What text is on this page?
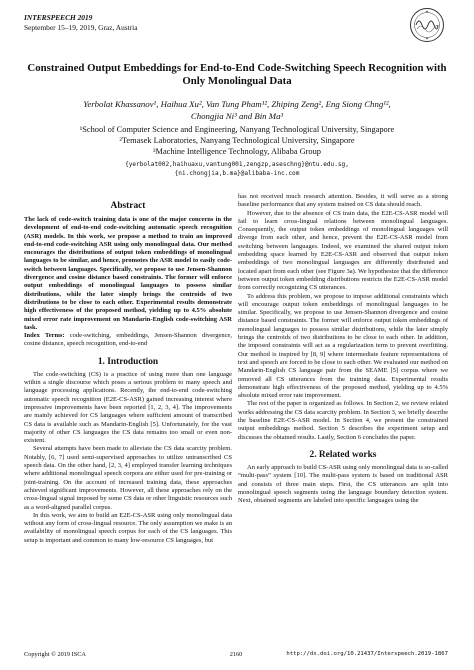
INTERSPEECH 2019
September 15–19, 2019, Graz, Austria
Constrained Output Embeddings for End-to-End Code-Switching Speech Recognition with Only Monolingual Data
Yerbolat Khassanov¹, Haihua Xu², Van Tung Pham¹², Zhiping Zeng², Eng Siong Chng¹²,
Chongjia Ni³ and Bin Ma³
¹School of Computer Science and Engineering, Nanyang Technological University, Singapore
²Temasek Laboratories, Nanyang Technological University, Singapore
³Machine Intelligence Technology, Alibaba Group
{yerbolat002,haihuaxu,vantung001,zengzp,aseschng}@ntu.edu.sg,
{ni.chongjia,b.ma}@alibaba-inc.com
Abstract

The lack of code-switch training data is one of the major concerns in the development of end-to-end code-switching automatic speech recognition (ASR) models. In this work, we propose a method to train an improved end-to-end code-switching ASR using only monolingual data. Our method encourages the distributions of output token embeddings of monolingual languages to be similar, and hence, promotes the ASR model to easily code-switch between languages. Specifically, we propose to use Jensen-Shannon divergence and cosine distance based constraints. The former will enforce output embeddings of monolingual languages to possess similar distributions, while the later simply brings the centroids of two distributions to be close to each other. Experimental results demonstrate high effectiveness of the proposed method, yielding up to 4.5% absolute mixed error rate improvement on Mandarin-English code-switching ASR task.

Index Terms: code-switching, embeddings, Jensen-Shannon divergence, cosine distance, speech recognition, end-to-end

1. Introduction

The code-switching (CS) is a practice of using more than one language within a single discourse which poses a serious problem to many speech and language processing applications. Recently, the end-to-end code-switching automatic speech recognition (E2E-CS-ASR) gained increasing interest where impressive improvements have been reported [1, 2, 3, 4]. The improvements are mainly achieved for CS languages where sufficient amount of transcribed CS data is available such as Mandarin-English [5]. Unfortunately, for the vast majority of other CS languages the CS data remains too small or even non-existent.

Several attempts have been made to alleviate the CS data scarcity problem. Notably, [6, 7] used semi-supervised approaches to utilize untranscribed CS speech data. On the other hand, [2, 3, 4] employed transfer learning techniques where additional monolingual speech corpora are either used for pre-training or joint-training. On the account of increased training data, these approaches achieved significant improvements. However, all these approaches rely on the cross-lingual signal imposed by some CS data or other linguistic resources such as a word-aligned parallel corpus.

In this work, we aim to build an E2E-CS-ASR using only monolingual data without any form of cross-lingual resource. The only assumption we make is an availability of monolingual speech corpus for each of the CS languages. This setup is important and common to many low-resource CS languages, but

has not received much research attention. Besides, it will serve as a strong baseline performance that any system trained on CS data should reach.

However, due to the absence of CS train data, the E2E-CS-ASR model will fail to learn cross-lingual relations between monolingual languages. Consequently, the output token embeddings of monolingual languages will diverge from each other, and hence, prevent the E2E-CS-ASR model from switching between languages. Indeed, we examined the shared output token embedding space learned by E2E-CS-ASR and observed that output token embeddings of two monolingual languages are differently distributed and located apart from each other (see Figure 3a). We hypothesize that the difference between output token embedding distributions restricts the E2E-CS-ASR model from correctly recognizing CS utterances.

To address this problem, we propose to impose additional constraints which will encourage output token embeddings of monolingual languages to be similar. Specifically, we propose to use Jensen-Shannon divergence and cosine distance based constraints. The former will enforce output token embeddings of monolingual languages to possess similar distributions, while the later simply brings the centroids of two distributions to be close to each other. In addition, the imposed constraints will act as a regularization term to prevent overfitting. Our method is inspired by [8, 9] where intermediate feature representations of text and speech are forced to be close to each other. We evaluated our method on Mandarin-English CS language pair from the SEAME [5] corpus where we removed all CS utterances from the training data. Experimental results demonstrate high effectiveness of the proposed method, yielding up to 4.5% absolute mixed error rate improvement.

The rest of the paper is organized as follows. In Section 2, we review related works addressing the CS data scarcity problem. In Section 3, we briefly describe the baseline E2E-CS-ASR model. In Section 4, we present the constrained output embeddings method. Section 5 describes the experiment setup and discusses the obtained results. Lastly, Section 6 concludes the paper.

2. Related works

An early approach to build CS-ASR using only monolingual data is so-called “multi-pass” system [10]. The multi-pass system is based on traditional ASR and consists of three main steps. First, the CS utterances are split into monolingual speech segments using the language boundary detection system. Next, obtained segments are labeled into specific languages using the

Copyright © 2019 ISCA	2160	http://dx.doi.org/10.21437/Interspeech.2019-1867
